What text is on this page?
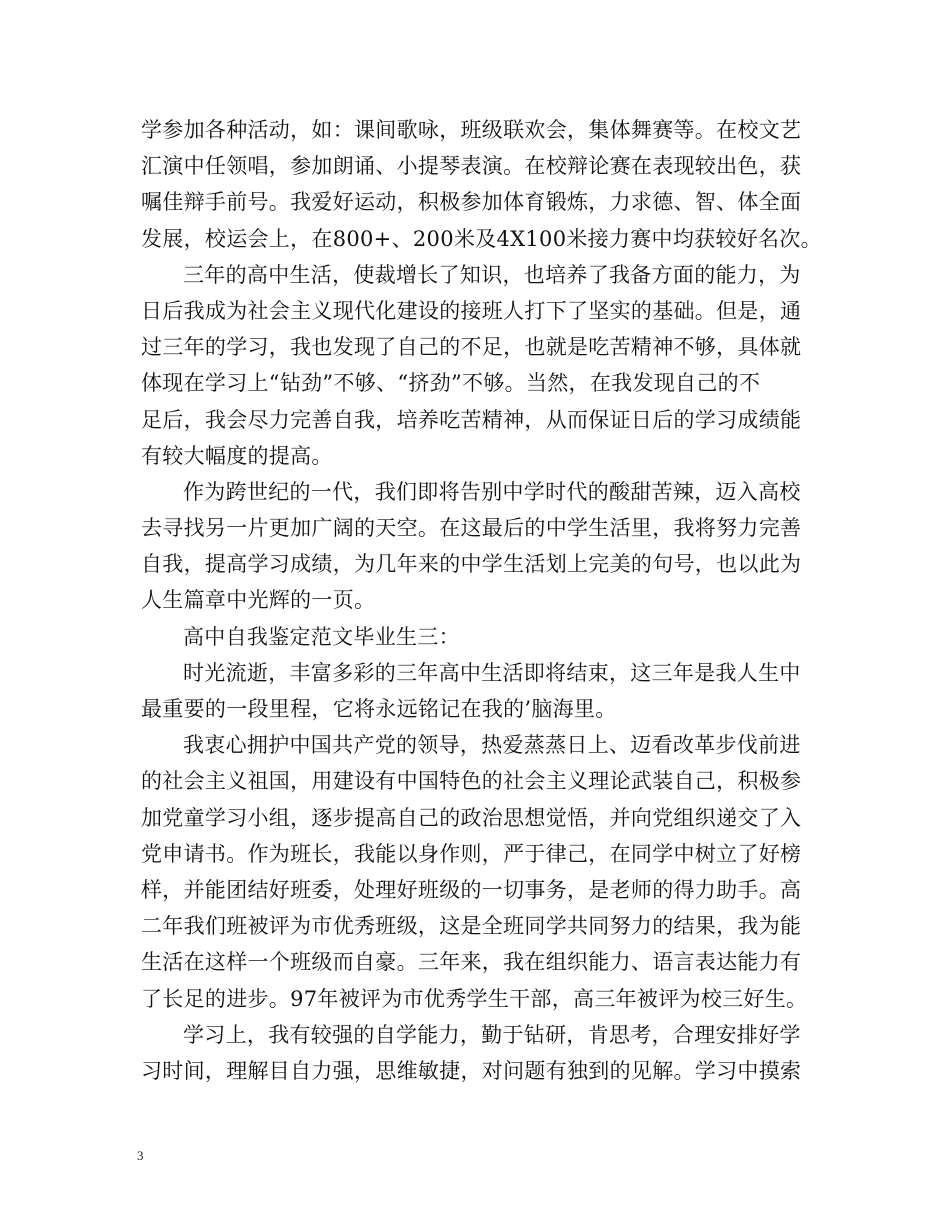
学参加各种活动，如：课间歌咏，班级联欢会，集体舞赛等。在校文艺
汇演中任领唱，参加朗诵、小提琴表演。在校辩论赛在表现较出色，获
嘱佳辩手前号。我爱好运动，积极参加体育锻炼，力求德、智、体全面
发展，校运会上，在800+、200米及4X100米接力赛中均获较好名次。
三年的高中生活，使裁增长了知识，也培养了我备方面的能力，为
日后我成为社会主义现代化建设的接班人打下了坚实的基础。但是，通
过三年的学习，我也发现了自己的不足，也就是吃苦精神不够，具体就
体现在学习上“钻劲”不够、“挤劲”不够。当然，在我发现自己的不
足后，我会尽力完善自我，培养吃苦精神，从而保证日后的学习成绩能
有较大幅度的提高。
作为跨世纪的一代，我们即将告别中学时代的酸甜苦辣，迈入高校
去寻找另一片更加广阔的天空。在这最后的中学生活里，我将努力完善
自我，提高学习成绩，为几年来的中学生活划上完美的句号，也以此为
人生篇章中光辉的一页。
高中自我鉴定范文毕业生三：
时光流逝，丰富多彩的三年高中生活即将结束，这三年是我人生中
最重要的一段里程，它将永远铭记在我的’脑海里。
我衷心拥护中国共产党的领导，热爱蒸蒸日上、迈看改革步伐前进
的社会主义祖国，用建设有中国特色的社会主义理论武装自己，积极参
加党童学习小组，逐步提高自己的政治思想觉悟，并向党组织递交了入
党申请书。作为班长，我能以身作则，严于律己，在同学中树立了好榜
样，并能团结好班委，处理好班级的一切事务，是老师的得力助手。高
二年我们班被评为市优秀班级，这是全班同学共同努力的结果，我为能
生活在这样一个班级而自豪。三年来，我在组织能力、语言表达能力有
了长足的进步。97年被评为市优秀学生干部，高三年被评为校三好生。
学习上，我有较强的自学能力，勤于钻研，肯思考，合理安排好学
习时间，理解目自力强，思维敏捷，对问题有独到的见解。学习中摸索
3
